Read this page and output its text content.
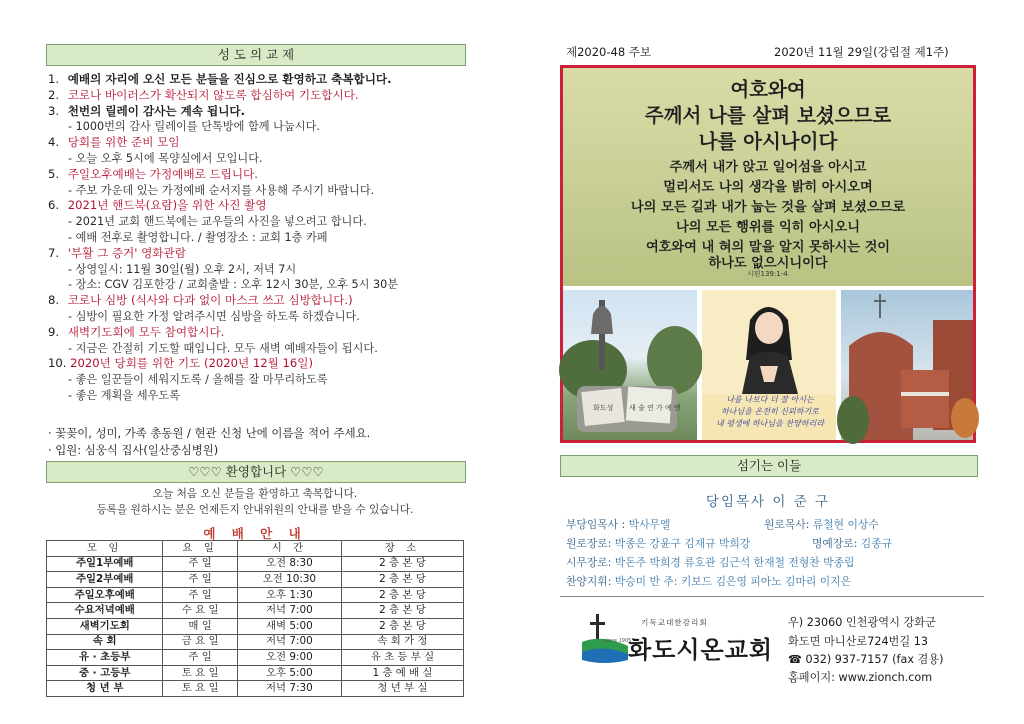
성 도 의 교 제
1. 예배의 자리에 오신 모든 분들을 진심으로 환영하고 축복합니다.
2. 코로나 바이러스가 확산되지 않도록 합심하여 기도합시다.
3. 천번의 릴레이 감사는 계속 됩니다.
- 1000번의 감사 릴레이를 단톡방에 함께 나눕시다.
4. 당회를 위한 준비 모임
- 오늘 오후 5시에 목양실에서 모입니다.
5. 주일오후예배는 가정예배로 드립니다.
- 주보 가운데 있는 가정예배 순서지를 사용해 주시기 바랍니다.
6. 2021년 핸드북(요람)을 위한 사진 촬영
- 2021년 교회 핸드북에는 교우들의 사진을 넣으려고 합니다.
- 예배 전후로 촬영합니다. / 촬영장소 : 교회 1층 카페
7. '부활 그 증거' 영화관람
- 상영일시: 11월 30일(월) 오후 2시, 저녁 7시
- 장소: CGV 김포한강 / 교회출발 : 오후 12시 30분, 오후 5시 30분
8. 코로나 심방 (식사와 다과 없이 마스크 쓰고 심방합니다.)
- 심방이 필요한 가정 알려주시면 심방을 하도록 하겠습니다.
9. 새벽기도회에 모두 참여합시다.
- 지금은 간절히 기도할 때입니다. 모두 새벽 예배자들이 됩시다.
10. 2020년 당회를 위한 기도 (2020년 12월 16일)
- 좋은 일꾼들이 세워지도록 / 올해를 잘 마무리하도록
- 좋은 계획을 세우도록
· 꽃꽂이, 성미, 가족 총동원 / 현관 신청 난에 이름을 적어 주세요.
· 입원: 심웅식 집사(일산중심병원)
♡♡♡ 환영합니다 ♡♡♡
오늘 처음 오신 분들을 환영하고 축복합니다.
등록을 원하시는 분은 언제든지 안내위원의 안내를 받을 수 있습니다.
예 배 안 내
모 임	요 일	시 간	장 소
주일1부예배	주 일	오전 8:30	2 층 본 당
주일2부예배	주 일	오전 10:30	2 층 본 당
주일오후예배	주 일	오후 1:30	2 층 본 당
수요저녁예배	수 요 일	저녁 7:00	2 층 본 당
새벽기도회	매 일	새벽 5:00	2 층 본 당
속 회	금 요 일	저녁 7:00	속 회 가 정
유 · 초등부	주 일	오전 9:00	유 초 등 부 실
중 · 고등부	토 요 일	오후 5:00	1 층 예 배 실
청 년 부	토 요 일	저녁 7:30	청 년 부 실
제2020-48 주보	2020년 11월 29일(강림절 제1주)
여호와여
주께서 나를 살펴 보셨으므로
나를 아시나이다
주께서 내가 앉고 일어섬을 아시고
멀리서도 나의 생각을 밝히 아시오며
나의 모든 길과 내가 눕는 것을 살펴 보셨으므로
나의 모든 행위를 익히 아시오니
여호와여 내 혀의 말을 알지 못하시는 것이
하나도 없으시니이다
시편139:1-4
화도성 새 술 연 가 예 엔
나를 나보다 더 잘 아시는
하나님을 온전히 신뢰하기로
내 평생에 하나님을 찬양하리라
섬기는 이들
당임목사 이 준 구
부당임목사 : 박사무엘	원로목사: 류철현 이상수
원로장로: 박종은 강윤구 김재규 박희강	명예장로: 김종규
시무장로: 박돈주 박희경 류호관 김근석 한재철 전형찬 박종립
찬양지휘: 박승미 반 주: 키보드 김은영 피아노 김마리 이지은
since 1905
기독교대한감리회
화도시온교회
우) 23060 인천광역시 강화군
화도면 마니산로724번길 13
☎ 032) 937-7157 (fax 겸용)
홈페이지: www.zionch.com
